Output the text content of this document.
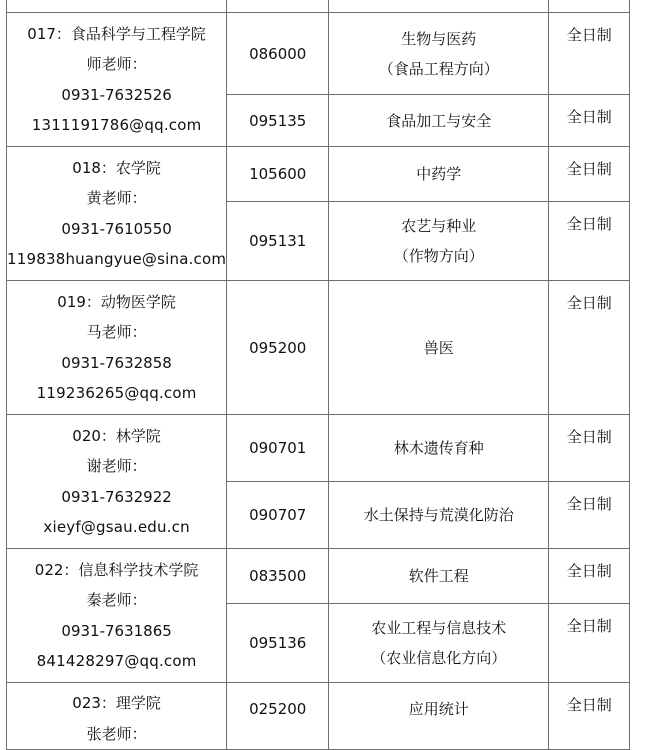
017：食品科学与工程学院
师老师：
0931-7632526
1311191786@qq.com	086000	生物与医药
（食品工程方向）	全日制

	095135	食品加工与安全	全日制

018：农学院
黄老师：
0931-7610550
119838huangyue@sina.com	105600	中药学	全日制

	095131	农艺与种业
（作物方向）	全日制

019：动物医学院
马老师：
0931-7632858
119236265@qq.com	095200	兽医	全日制

020：林学院
谢老师：
0931-7632922
xieyf@gsau.edu.cn	090701	林木遗传育种	全日制

	090707	水土保持与荒漠化防治	全日制

022：信息科学技术学院
秦老师：
0931-7631865
841428297@qq.com	083500	软件工程	全日制

	095136	农业工程与信息技术
（农业信息化方向）	全日制

023：理学院
张老师：	025200	应用统计	全日制
